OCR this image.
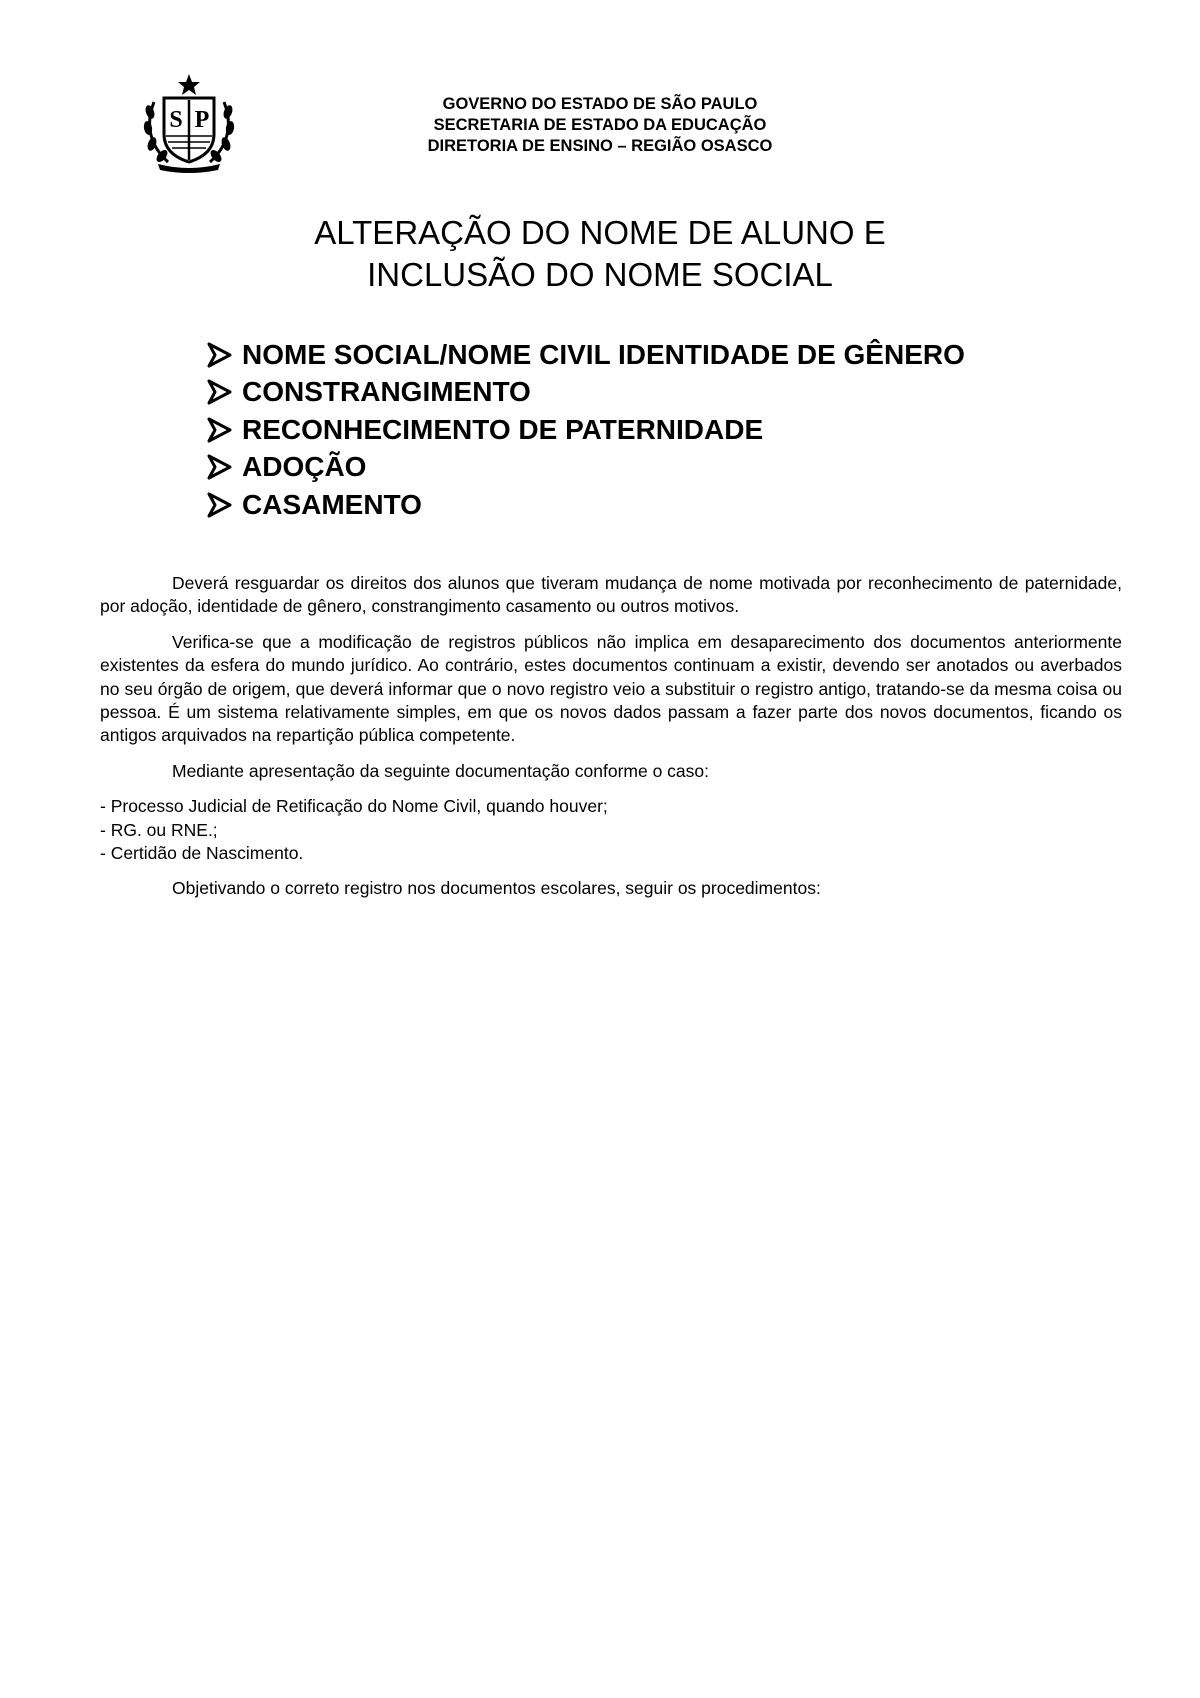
S P
GOVERNO DO ESTADO DE SÃO PAULO
SECRETARIA DE ESTADO DA EDUCAÇÃO
DIRETORIA DE ENSINO – REGIÃO OSASCO
ALTERAÇÃO DO NOME DE ALUNO E
INCLUSÃO DO NOME SOCIAL
NOME SOCIAL/NOME CIVIL IDENTIDADE DE GÊNERO
CONSTRANGIMENTO
RECONHECIMENTO DE PATERNIDADE
ADOÇÃO
CASAMENTO

Deverá resguardar os direitos dos alunos que tiveram mudança de nome motivada por reconhecimento de paternidade, por adoção, identidade de gênero, constrangimento casamento ou outros motivos.

Verifica-se que a modificação de registros públicos não implica em desaparecimento dos documentos anteriormente existentes da esfera do mundo jurídico. Ao contrário, estes documentos continuam a existir, devendo ser anotados ou averbados no seu órgão de origem, que deverá informar que o novo registro veio a substituir o registro antigo, tratando-se da mesma coisa ou pessoa. É um sistema relativamente simples, em que os novos dados passam a fazer parte dos novos documentos, ficando os antigos arquivados na repartição pública competente.

Mediante apresentação da seguinte documentação conforme o caso:

- Processo Judicial de Retificação do Nome Civil, quando houver;
- RG. ou RNE.;
- Certidão de Nascimento.

Objetivando o correto registro nos documentos escolares, seguir os procedimentos:
